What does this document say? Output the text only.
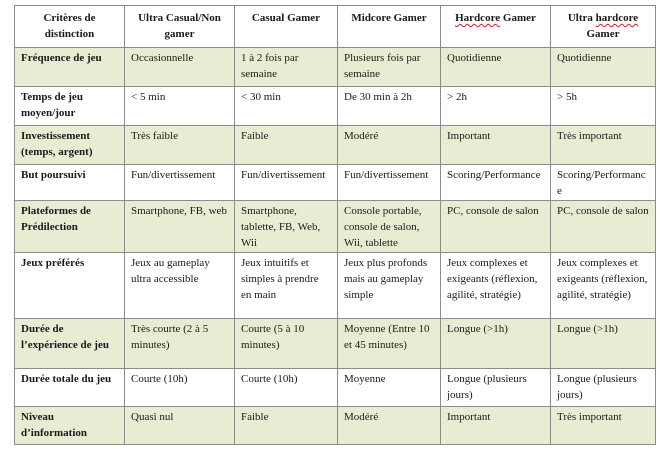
Critères de distinction	Ultra Casual/Non gamer	Casual Gamer	Midcore Gamer	Hardcore Gamer	Ultra hardcore Gamer
Fréquence de jeu	Occasionnelle	1 à 2 fois par semaine	Plusieurs fois par semaine	Quotidienne	Quotidienne
Temps de jeu moyen/jour	< 5 min	< 30 min	De 30 min à 2h	> 2h	> 5h
Investissement (temps, argent)	Très faible	Faible	Modéré	Important	Très important
But poursuivi	Fun/divertissement	Fun/divertissement	Fun/divertissement	Scoring/Performance	Scoring/Performance
Plateformes de Prédilection	Smartphone, FB, web	Smartphone, tablette, FB, Web, Wii	Console portable, console de salon, Wii, tablette	PC, console de salon	PC, console de salon
Jeux préférés	Jeux au gameplay ultra accessible	Jeux intuitifs et simples à prendre en main	Jeux plus profonds mais au gameplay simple	Jeux complexes et exigeants (réflexion, agilité, stratégie)	Jeux complexes et exigeants (réflexion, agilité, stratégie)
Durée de l’expérience de jeu	Très courte (2 à 5 minutes)	Courte (5 à 10 minutes)	Moyenne (Entre 10 et 45 minutes)	Longue (>1h)	Longue (>1h)
Durée totale du jeu	Courte (10h)	Courte (10h)	Moyenne	Longue (plusieurs jours)	Longue (plusieurs jours)
Niveau d’information	Quasi nul	Faible	Modéré	Important	Très important
